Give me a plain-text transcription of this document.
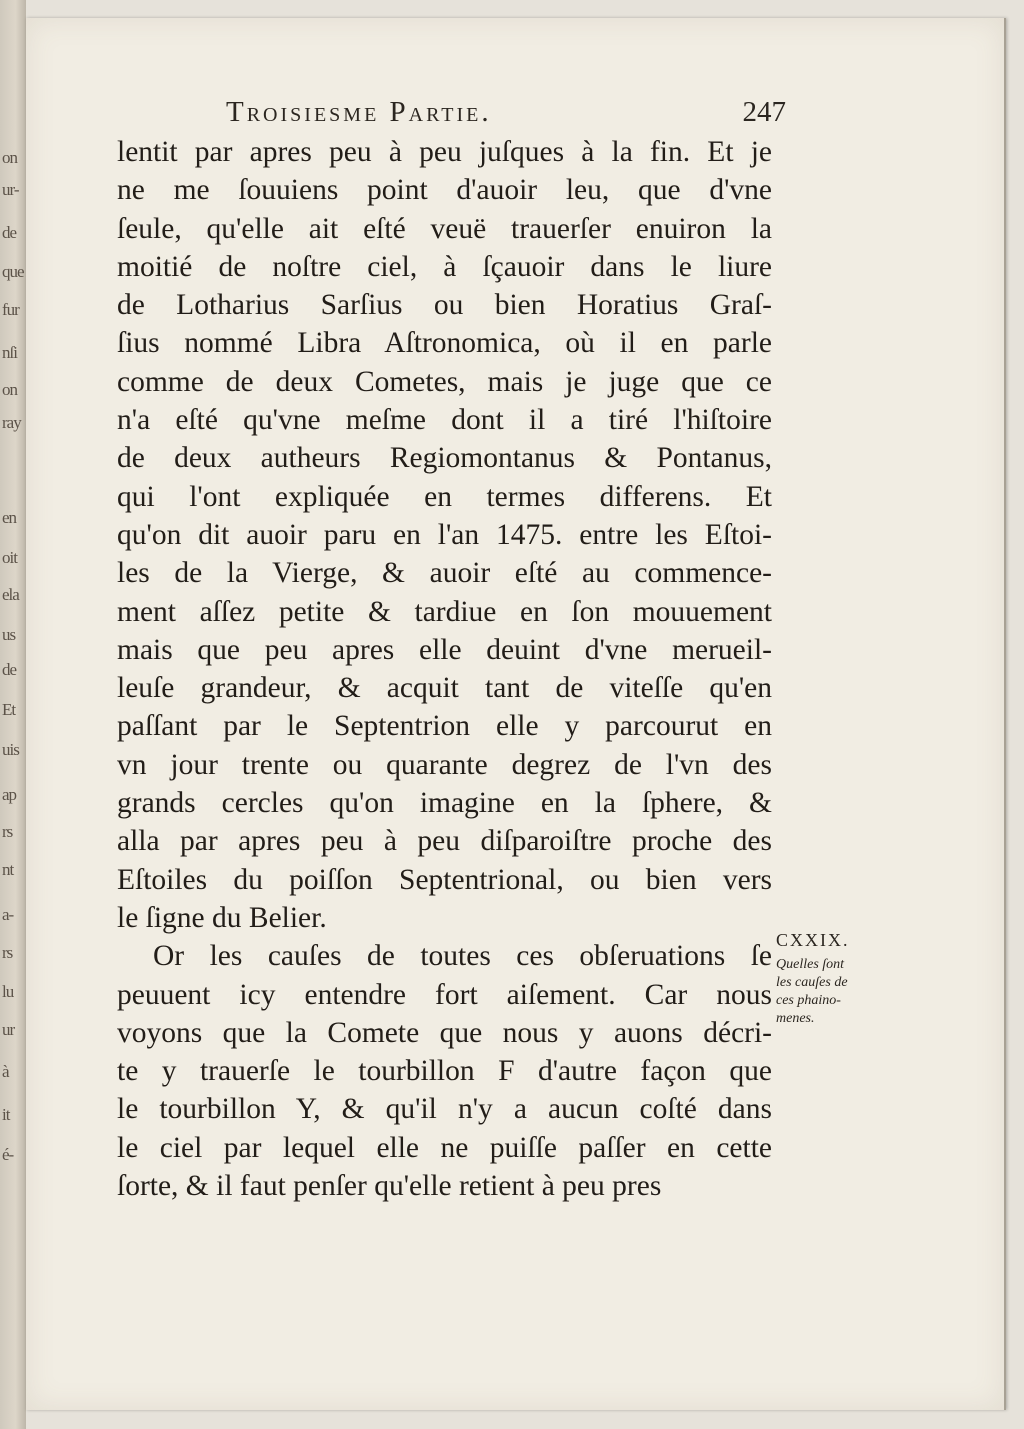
on
ur-
de
que
fur
nſi
on
ray
en
oit
ela
us
de
Et
uis
ap
rs
nt
a-
rs
lu
ur
à
it
é-
Troisiesme Partie.	247
lentit par apres peu à peu juſques à la fin. Et je
ne me ſouuiens point d'auoir leu, que d'vne
ſeule, qu'elle ait eſté veuë trauerſer enuiron la
moitié de noſtre ciel, à ſçauoir dans le liure
de Lotharius Sarſius ou bien Horatius Graſ-
ſius nommé Libra Aſtronomica, où il en parle
comme de deux Cometes, mais je juge que ce
n'a eſté qu'vne meſme dont il a tiré l'hiſtoire
de deux autheurs Regiomontanus & Pontanus,
qui l'ont expliquée en termes differens. Et
qu'on dit auoir paru en l'an 1475. entre les Eſtoi-
les de la Vierge, & auoir eſté au commence-
ment aſſez petite & tardiue en ſon mouuement
mais que peu apres elle deuint d'vne merueil-
leuſe grandeur, & acquit tant de viteſſe qu'en
paſſant par le Septentrion elle y parcourut en
vn jour trente ou quarante degrez de l'vn des
grands cercles qu'on imagine en la ſphere, &
alla par apres peu à peu diſparoiſtre proche des
Eſtoiles du poiſſon Septentrional, ou bien vers
le ſigne du Belier.
Or les cauſes de toutes ces obſeruations ſe
peuuent icy entendre fort aiſement. Car nous
voyons que la Comete que nous y auons décri-
te y trauerſe le tourbillon F d'autre façon que
le tourbillon Y, & qu'il n'y a aucun coſté dans
le ciel par lequel elle ne puiſſe paſſer en cette
ſorte, & il faut penſer qu'elle retient à peu pres
CXXIX.
Quelles ſont
les cauſes de
ces phaino-
menes.
